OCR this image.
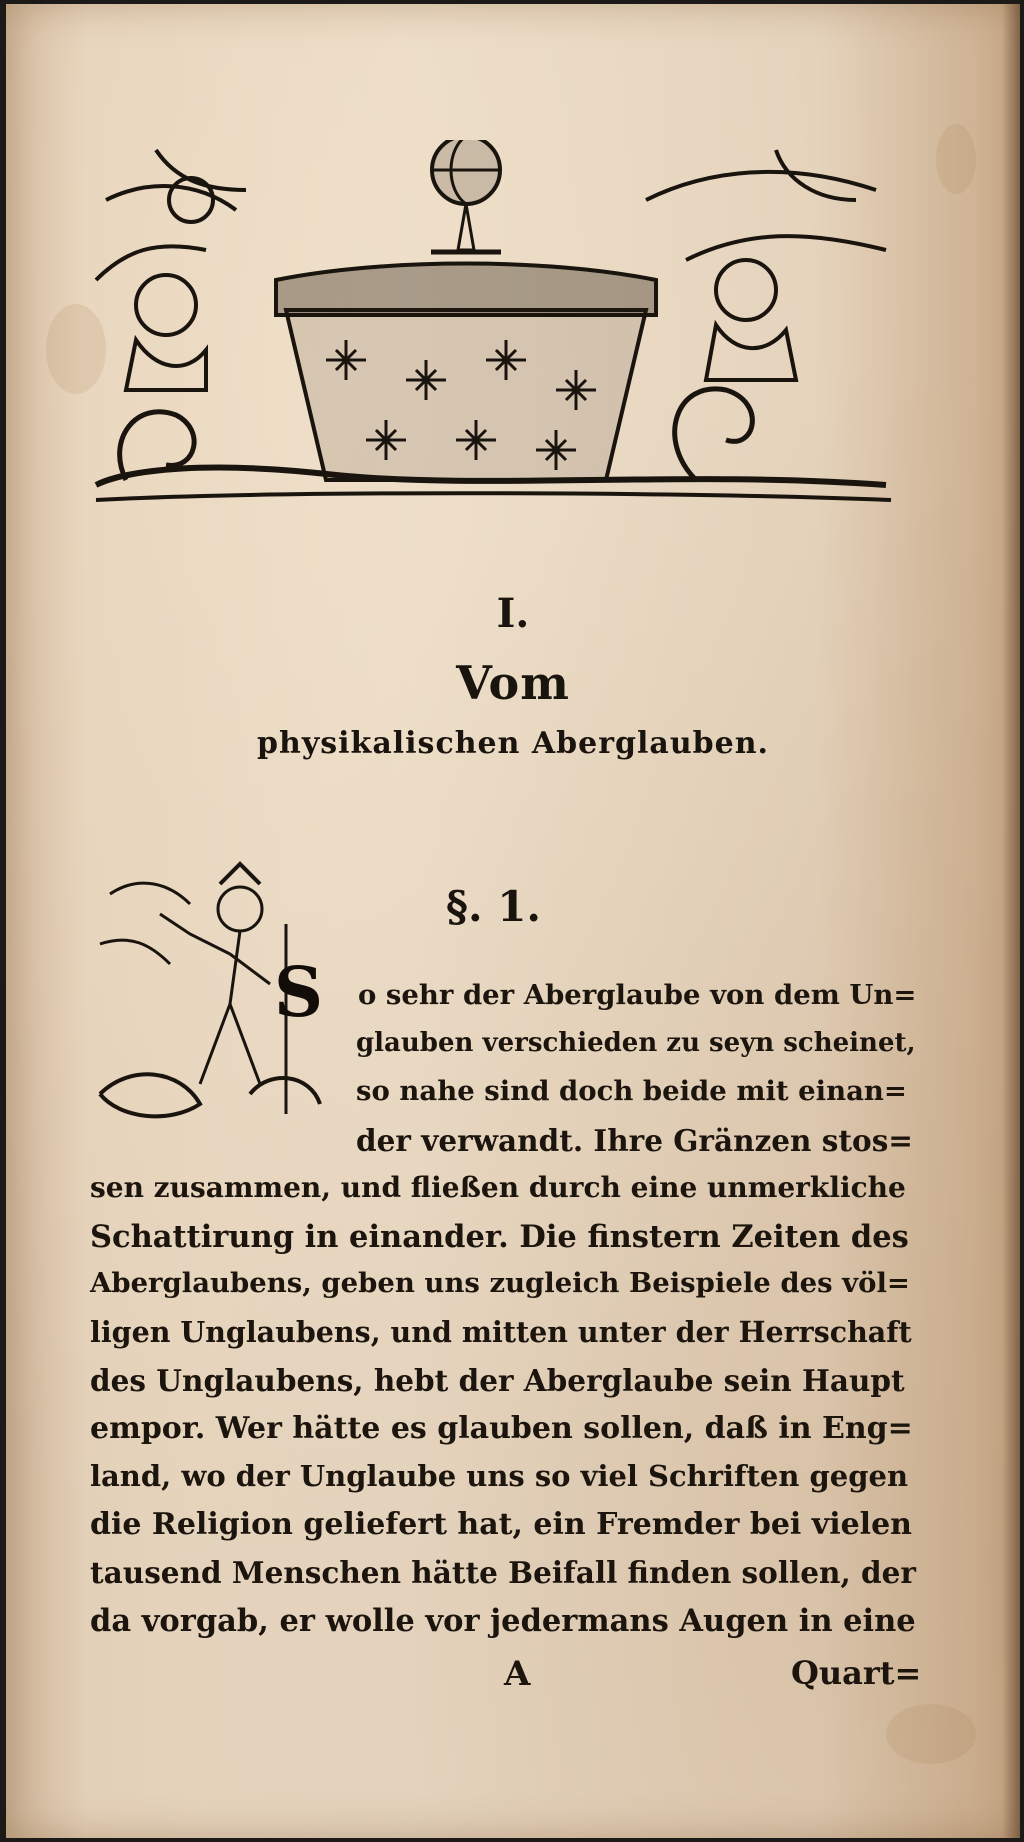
I.
Vom
physikalischen Aberglauben.
§. 1.
S o sehr der Aberglaube von dem Un=
glauben verschieden zu seyn scheinet,
so nahe sind doch beide mit einan=
der verwandt. Ihre Gränzen stos=
sen zusammen, und fließen durch eine unmerkliche
Schattirung in einander. Die finstern Zeiten des
Aberglaubens, geben uns zugleich Beispiele des völ=
ligen Unglaubens, und mitten unter der Herrschaft
des Unglaubens, hebt der Aberglaube sein Haupt
empor. Wer hätte es glauben sollen, daß in Eng=
land, wo der Unglaube uns so viel Schriften gegen
die Religion geliefert hat, ein Fremder bei vielen
tausend Menschen hätte Beifall finden sollen, der
da vorgab, er wolle vor jedermans Augen in eine
A	Quart=
